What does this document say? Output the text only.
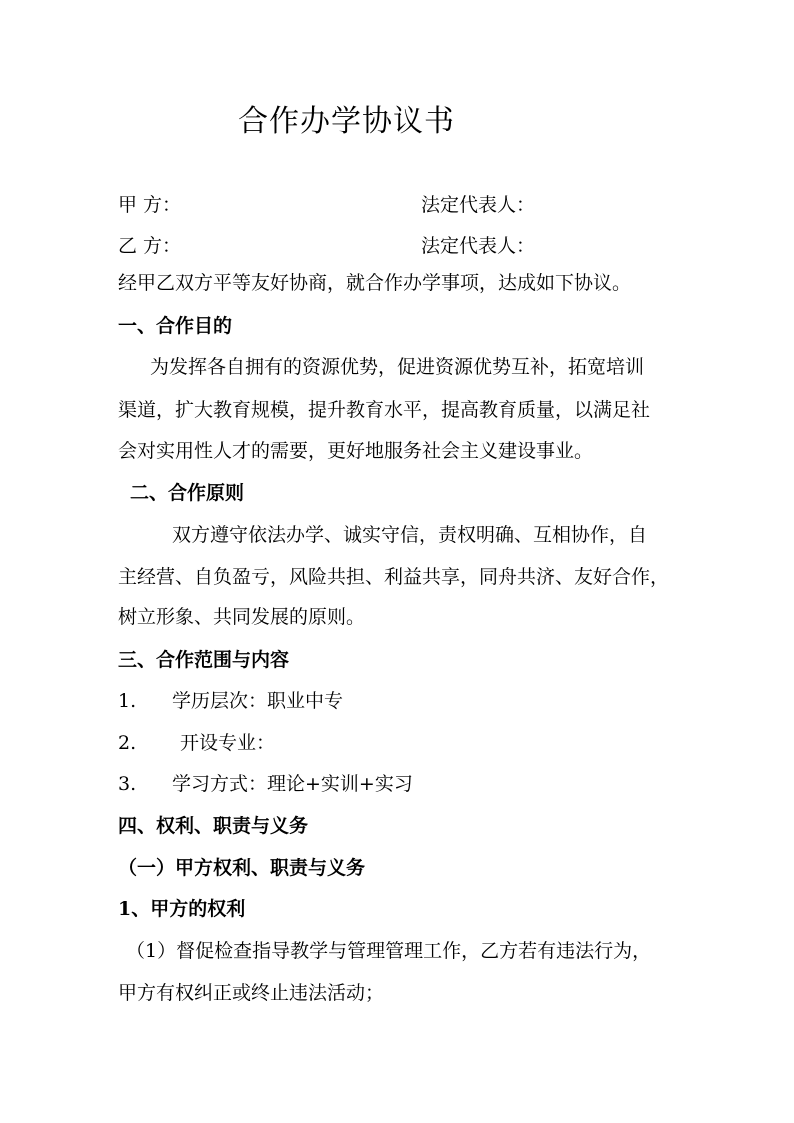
合作办学协议书
甲 方：	法定代表人：
乙 方：	法定代表人：
经甲乙双方平等友好协商，就合作办学事项，达成如下协议。
一、合作目的
为发挥各自拥有的资源优势，促进资源优势互补，拓宽培训
渠道，扩大教育规模，提升教育水平，提高教育质量，以满足社
会对实用性人才的需要，更好地服务社会主义建设事业。
二、合作原则
双方遵守依法办学、诚实守信，责权明确、互相协作，自
主经营、自负盈亏，风险共担、利益共享，同舟共济、友好合作，
树立形象、共同发展的原则。
三、合作范围与内容
1. 学历层次：职业中专
2. 开设专业：
3. 学习方式：理论+实训+实习
四、权利、职责与义务
（一）甲方权利、职责与义务
1、甲方的权利
（1）督促检查指导教学与管理管理工作，乙方若有违法行为，
甲方有权纠正或终止违法活动；
